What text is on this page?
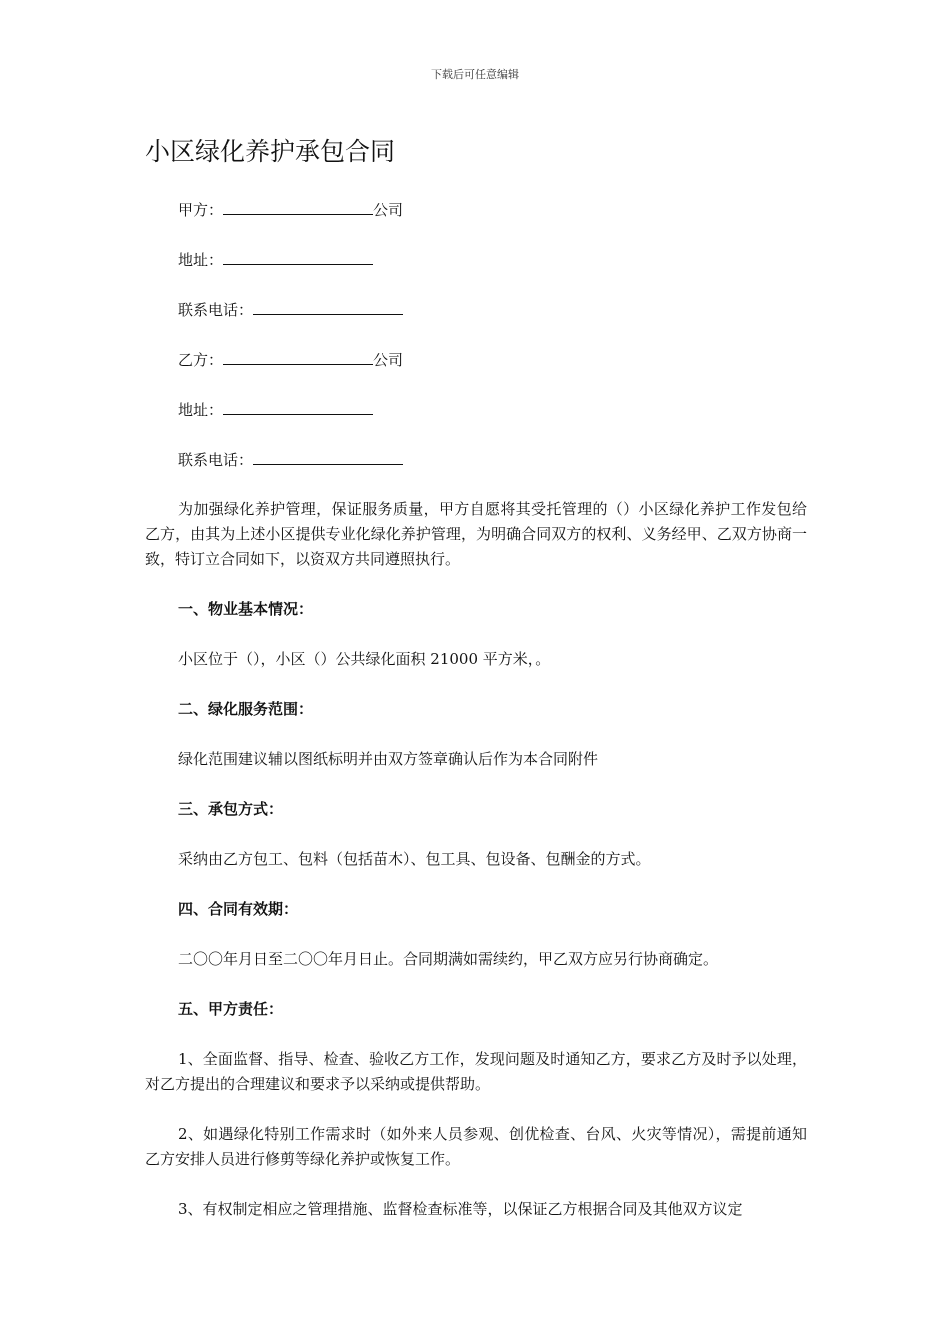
下载后可任意编辑
小区绿化养护承包合同
甲方：	公司
地址：
联系电话：
乙方：	公司
地址：
联系电话：

为加强绿化养护管理，保证服务质量，甲方自愿将其受托管理的（）小区绿化养护工作发包给乙方，由其为上述小区提供专业化绿化养护管理，为明确合同双方的权利、义务经甲、乙双方协商一致，特订立合同如下，以资双方共同遵照执行。

一、物业基本情况：

小区位于（），小区（）公共绿化面积 21000 平方米，。

二、绿化服务范围：

绿化范围建议辅以图纸标明并由双方签章确认后作为本合同附件

三、承包方式：

采纳由乙方包工、包料（包括苗木）、包工具、包设备、包酬金的方式。

四、合同有效期：

二〇〇年月日至二〇〇年月日止。合同期满如需续约，甲乙双方应另行协商确定。

五、甲方责任：

1、全面监督、指导、检查、验收乙方工作，发现问题及时通知乙方，要求乙方及时予以处理，对乙方提出的合理建议和要求予以采纳或提供帮助。

2、如遇绿化特别工作需求时（如外来人员参观、创优检查、台风、火灾等情况），需提前通知乙方安排人员进行修剪等绿化养护或恢复工作。

3、有权制定相应之管理措施、监督检查标准等，以保证乙方根据合同及其他双方议定
